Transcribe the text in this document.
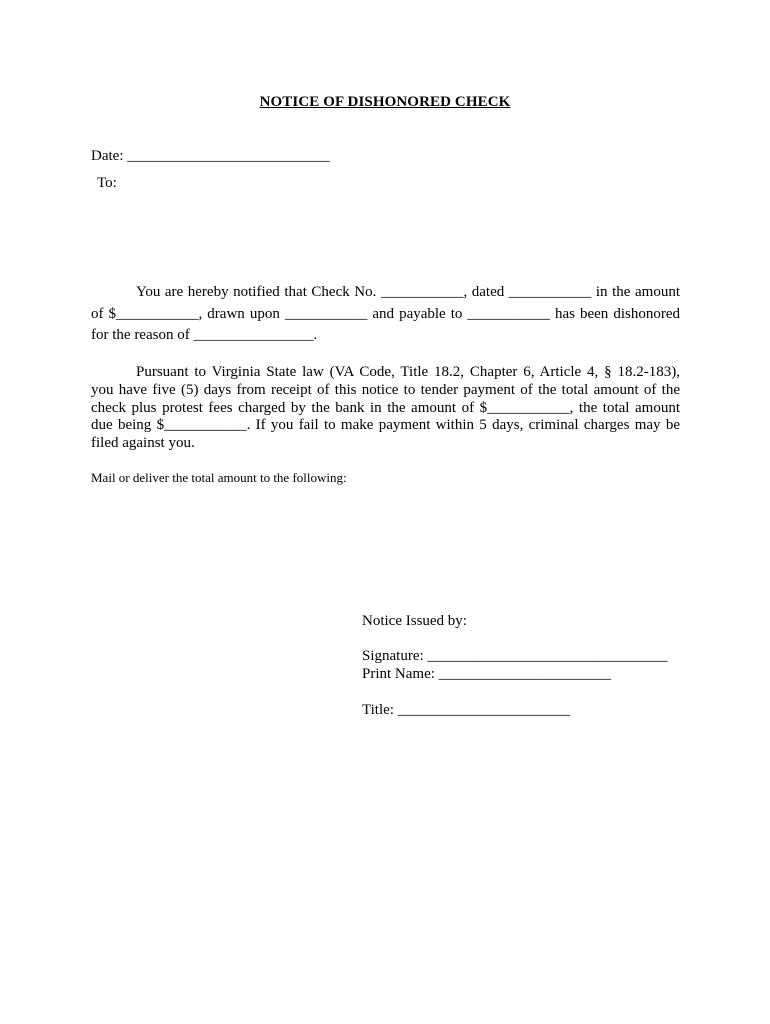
NOTICE OF DISHONORED CHECK
Date: ___________________________
To:
You are hereby notified that Check No. ___________, dated ___________ in the amount
of $___________, drawn upon ___________ and payable to ___________ has been dishonored
for the reason of ________________.
Pursuant to Virginia State law (VA Code, Title 18.2, Chapter 6, Article 4, § 18.2-183),
you have five (5) days from receipt of this notice to tender payment of the total amount of the
check plus protest fees charged by the bank in the amount of $___________, the total amount
due being $___________. If you fail to make payment within 5 days, criminal charges may be
filed against you.
Mail or deliver the total amount to the following:
Notice Issued by:
Signature: ________________________________
Print Name: _______________________
Title: _______________________
